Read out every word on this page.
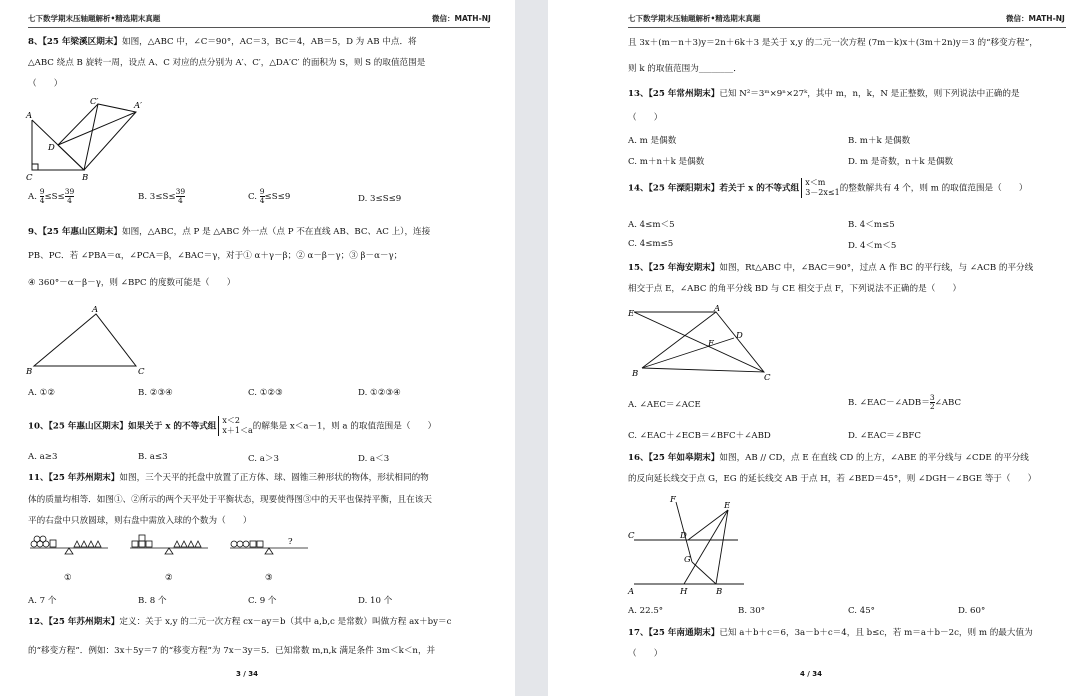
七下数学期末压轴题解析•精选期末真题	微信：MATH-NJ
8、【25 年梁溪区期末】如图，△ABC 中，∠C＝90°，AC＝3，BC＝4，AB＝5，D 为 AB 中点．将
△ABC 绕点 B 旋转一周，设点 A、C 对应的点分别为 A′、C′，△DA′C′ 的面积为 S，则 S 的取值范围是
（　　）
A
C	B
D
C′	A′
A. $\frac{9}{4} \le S\le \frac{39}{4}$	B. $3\le S\le \frac{39}{4}$	C. $\frac{9}{4} \le S\le 9$	D. 3≤S≤9
9、【25 年惠山区期末】如图，△ABC，点 P 是 △ABC 外一点（点 P 不在直线 AB、BC、AC 上），连接
PB、PC．若 ∠PBA＝α，∠PCA＝β，∠BAC＝γ，对于① α＋γ－β；② α－β－γ；③ β－α－γ；
④ 360°－α－β－γ，则 ∠BPC 的度数可能是（　　）
A
B	C
A. ①②	B. ②③④	C. ①②③	D. ①②③④
10、【25 年惠山区期末】如果关于 x 的不等式组
x＜2
x＋1＜a 的解集是 x＜a－1，则 a 的取值范围是（　　）
A. a≥3	B. a≤3	C. a＞3	D. a＜3
11、【25 年苏州期末】如图，三个天平的托盘中放置了正方体、球、圆锥三种形状的物体，形状相同的物
体的质量均相等．如图①、②所示的两个天平处于平衡状态，现要使得图③中的天平也保持平衡，且在该天
平的右盘中只放圆球，则右盘中需放入球的个数为（　　）
①	②	③
?
A. 7 个	B. 8 个	C. 9 个	D. 10 个
12、【25 年苏州期末】定义：关于 x,y 的二元一次方程 cx－ay＝b（其中 a,b,c 是常数）叫做方程 ax＋by＝c
的“移变方程”．例如：3x＋5y＝7 的“移变方程”为 7x－3y＝5．已知常数 m,n,k 满足条件 3m＜k＜n，并
3 / 34
七下数学期末压轴题解析•精选期末真题	微信：MATH-NJ
且 3x＋(m－n＋3)y＝2n＋6k＋3 是关于 x,y 的二元一次方程 (7m－k)x＋(3m＋2n)y＝3 的“移变方程”，
则 k 的取值范围为________．
13、【25 年常州期末】已知 N²＝3ᵐ×9ⁿ×27ᵏ，其中 m，n，k，N 是正整数，则下列说法中正确的是
（　　）
A. m 是偶数	B. m＋k 是偶数
C. m＋n＋k 是偶数	D. m 是奇数，n＋k 是偶数
14、【25 年溧阳期末】若关于 x 的不等式组
x＜m
3－2x≤1 的整数解共有 4 个，则 m 的取值范围是（　　）
A. 4≤m＜5	B. 4＜m≤5
C. 4≤m≤5	D. 4＜m＜5
15、【25 年海安期末】如图，Rt△ABC 中，∠BAC＝90°，过点 A 作 BC 的平行线，与 ∠ACB 的平分线
相交于点 E，∠ABC 的角平分线 BD 与 CE 相交于点 F，下列说法不正确的是（　　）
E	A
D
F
B	C
A. ∠AEC＝∠ACE	B. ∠EAC－∠ADB＝ $\frac{3}{2}$ ∠ABC
C. ∠EAC＋∠ECB＝∠BFC＋∠ABD	D. ∠EAC＝∠BFC
16、【25 年如皋期末】如图，AB // CD，点 E 在直线 CD 的上方，∠ABE 的平分线与 ∠CDE 的平分线
的反向延长线交于点 G，EG 的延长线交 AB 于点 H，若 ∠BED＝45°，则 ∠DGH－∠BGE 等于（　　）
F
E
C	D
G
A	H	B
A. 22.5°	B. 30°	C. 45°	D. 60°
17、【25 年南通期末】已知 a＋b＋c＝6，3a－b＋c＝4，且 b≤c，若 m＝a＋b－2c，则 m 的最大值为
（　　）
4 / 34
